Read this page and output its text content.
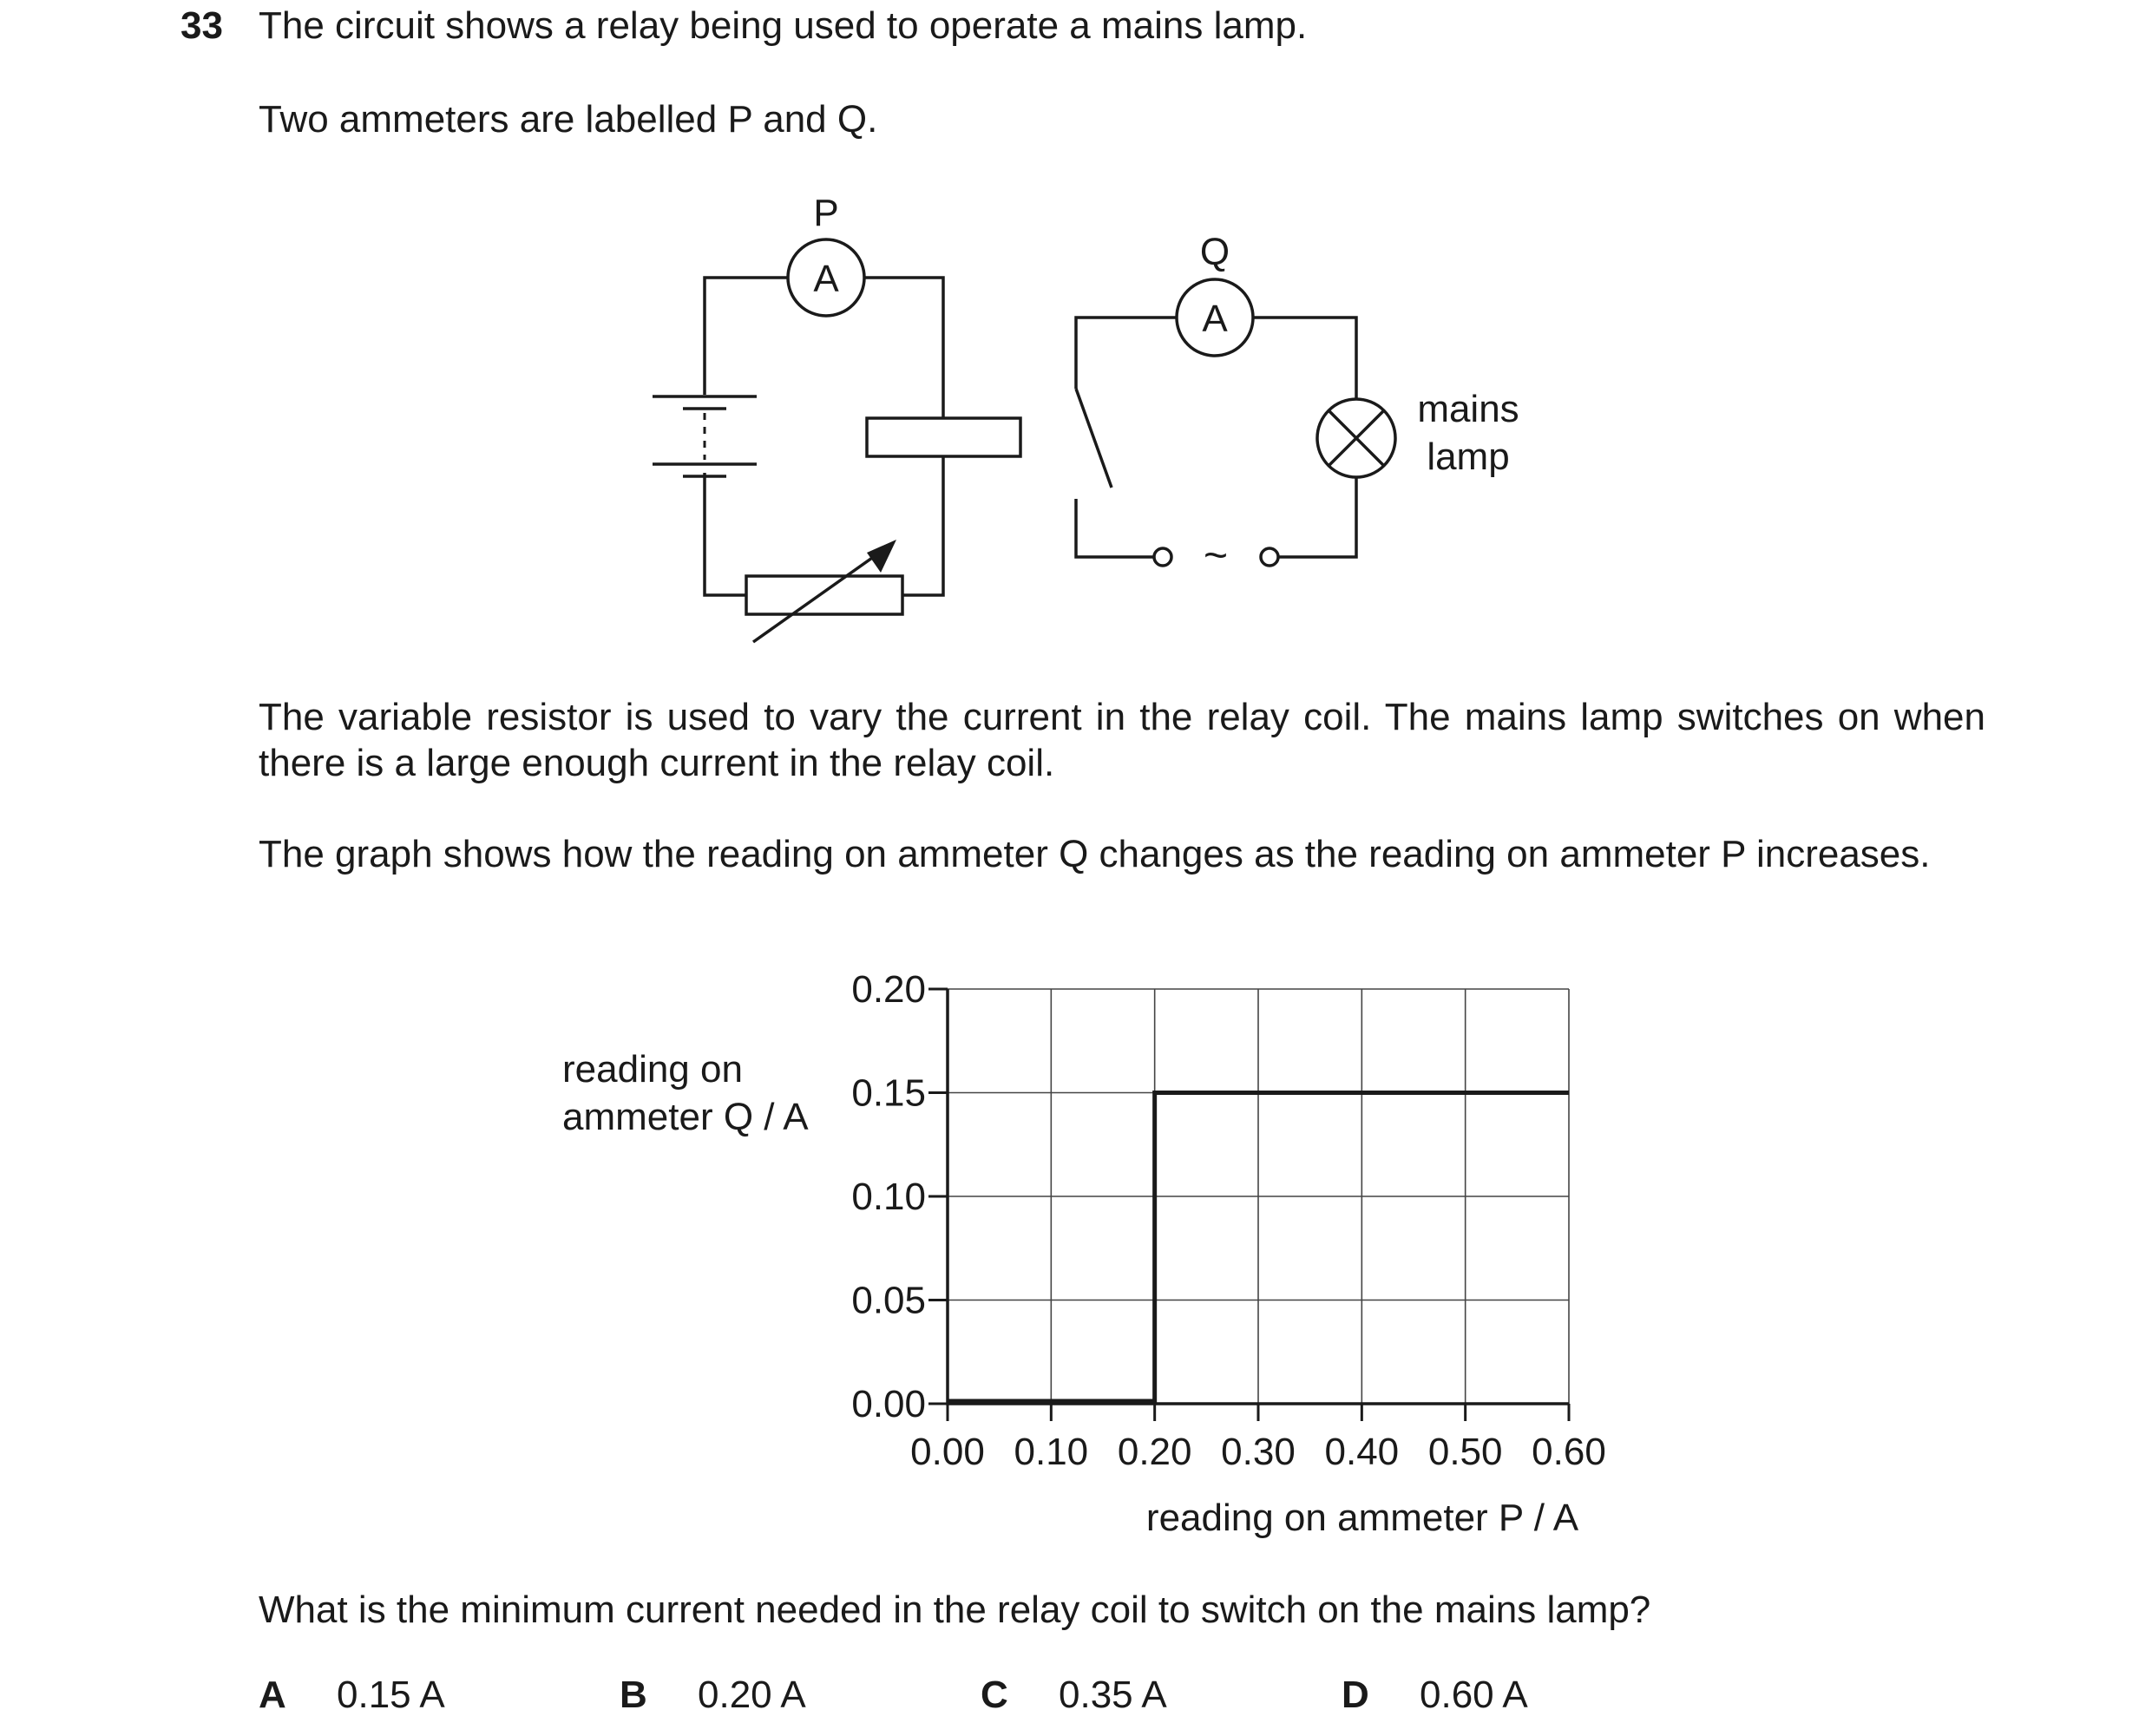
33 The circuit shows a relay being used to operate a mains lamp.
Two ammeters are labelled P and Q.
A
A
P
Q
~
mains
lamp
The variable resistor is used to vary the current in the relay coil. The mains lamp switches on when there is a large enough current in the relay coil.
The graph shows how the reading on ammeter Q changes as the reading on ammeter P increases.
0.00 0.10 0.20 0.30 0.40 0.50 0.60
0.00
0.05
0.10
0.15
0.20
reading on
ammeter Q / A
reading on ammeter P / A
What is the minimum current needed in the relay coil to switch on the mains lamp?
A 0.15 A	B 0.20 A	C 0.35 A	D 0.60 A
